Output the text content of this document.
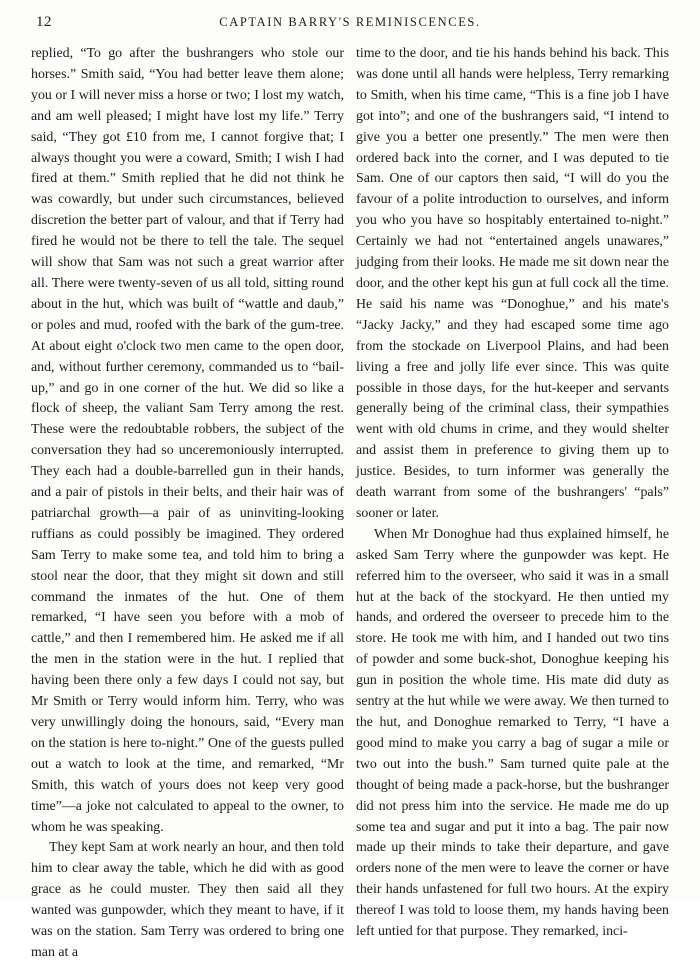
12	CAPTAIN BARRY'S REMINISCENCES.

replied, “To go after the bushrangers who stole our horses.” Smith said, “You had better leave them alone; you or I will never miss a horse or two; I lost my watch, and am well pleased; I might have lost my life.” Terry said, “They got £10 from me, I cannot forgive that; I always thought you were a coward, Smith; I wish I had fired at them.” Smith replied that he did not think he was cowardly, but under such circumstances, believed discretion the better part of valour, and that if Terry had fired he would not be there to tell the tale. The sequel will show that Sam was not such a great warrior after all. There were twenty-seven of us all told, sitting round about in the hut, which was built of “wattle and daub,” or poles and mud, roofed with the bark of the gum-tree. At about eight o'clock two men came to the open door, and, without further ceremony, commanded us to “bail-up,” and go in one corner of the hut. We did so like a flock of sheep, the valiant Sam Terry among the rest. These were the redoubtable robbers, the subject of the conversation they had so unceremoniously interrupted. They each had a double-barrelled gun in their hands, and a pair of pistols in their belts, and their hair was of patriarchal growth—a pair of as uninviting-looking ruffians as could possibly be imagined. They ordered Sam Terry to make some tea, and told him to bring a stool near the door, that they might sit down and still command the inmates of the hut. One of them remarked, “I have seen you before with a mob of cattle,” and then I remembered him. He asked me if all the men in the station were in the hut. I replied that having been there only a few days I could not say, but Mr Smith or Terry would inform him. Terry, who was very unwillingly doing the honours, said, “Every man on the station is here to-night.” One of the guests pulled out a watch to look at the time, and remarked, “Mr Smith, this watch of yours does not keep very good time”—a joke not calculated to appeal to the owner, to whom he was speaking.

They kept Sam at work nearly an hour, and then told him to clear away the table, which he did with as good grace as he could muster. They then said all they wanted was gunpowder, which they meant to have, if it was on the station. Sam Terry was ordered to bring one man at a

time to the door, and tie his hands behind his back. This was done until all hands were helpless, Terry remarking to Smith, when his time came, “This is a fine job I have got into”; and one of the bushrangers said, “I intend to give you a better one presently.” The men were then ordered back into the corner, and I was deputed to tie Sam. One of our captors then said, “I will do you the favour of a polite introduction to ourselves, and inform you who you have so hospitably entertained to-night.” Certainly we had not “entertained angels unawares,” judging from their looks. He made me sit down near the door, and the other kept his gun at full cock all the time. He said his name was “Donoghue,” and his mate's “Jacky Jacky,” and they had escaped some time ago from the stockade on Liverpool Plains, and had been living a free and jolly life ever since. This was quite possible in those days, for the hut-keeper and servants generally being of the criminal class, their sympathies went with old chums in crime, and they would shelter and assist them in preference to giving them up to justice. Besides, to turn informer was generally the death warrant from some of the bushrangers' “pals” sooner or later.

When Mr Donoghue had thus explained himself, he asked Sam Terry where the gunpowder was kept. He referred him to the overseer, who said it was in a small hut at the back of the stockyard. He then untied my hands, and ordered the overseer to precede him to the store. He took me with him, and I handed out two tins of powder and some buck-shot, Donoghue keeping his gun in position the whole time. His mate did duty as sentry at the hut while we were away. We then turned to the hut, and Donoghue remarked to Terry, “I have a good mind to make you carry a bag of sugar a mile or two out into the bush.” Sam turned quite pale at the thought of being made a pack-horse, but the bushranger did not press him into the service. He made me do up some tea and sugar and put it into a bag. The pair now made up their minds to take their departure, and gave orders none of the men were to leave the corner or have their hands unfastened for full two hours. At the expiry thereof I was told to loose them, my hands having been left untied for that purpose. They remarked, inci-
